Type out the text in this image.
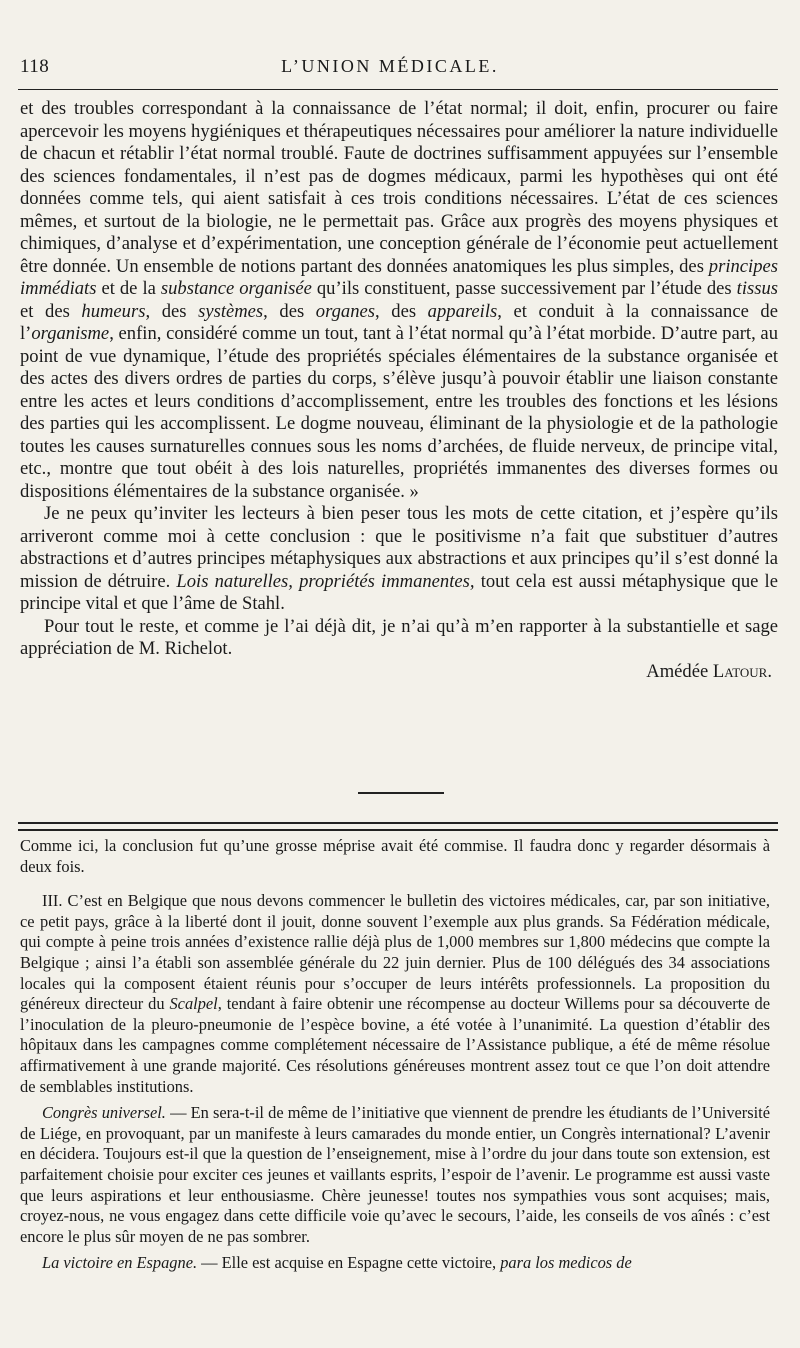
L’UNION MÉDICALE.
118

et des troubles correspondant à la connaissance de l’état normal; il doit, enfin, procurer ou faire apercevoir les moyens hygiéniques et thérapeutiques nécessaires pour améliorer la nature individuelle de chacun et rétablir l’état normal troublé. Faute de doctrines suffisamment appuyées sur l’ensemble des sciences fondamentales, il n’est pas de dogmes médicaux, parmi les hypothèses qui ont été données comme tels, qui aient satisfait à ces trois conditions nécessaires. L’état de ces sciences mêmes, et surtout de la biologie, ne le permettait pas. Grâce aux progrès des moyens physiques et chimiques, d’analyse et d’expérimentation, une conception générale de l’économie peut actuellement être donnée. Un ensemble de notions partant des données anatomiques les plus simples, des principes immédiats et de la substance organisée qu’ils constituent, passe successivement par l’étude des tissus et des humeurs, des systèmes, des organes, des appareils, et conduit à la connaissance de l’organisme, enfin, considéré comme un tout, tant à l’état normal qu’à l’état morbide. D’autre part, au point de vue dynamique, l’étude des propriétés spéciales élémentaires de la substance organisée et des actes des divers ordres de parties du corps, s’élève jusqu’à pouvoir établir une liaison constante entre les actes et leurs conditions d’accomplissement, entre les troubles des fonctions et les lésions des parties qui les accomplissent. Le dogme nouveau, éliminant de la physiologie et de la pathologie toutes les causes surnaturelles connues sous les noms d’archées, de fluide nerveux, de principe vital, etc., montre que tout obéit à des lois naturelles, propriétés immanentes des diverses formes ou dispositions élémentaires de la substance organisée. »

Je ne peux qu’inviter les lecteurs à bien peser tous les mots de cette citation, et j’espère qu’ils arriveront comme moi à cette conclusion : que le positivisme n’a fait que substituer d’autres abstractions et d’autres principes métaphysiques aux abstractions et aux principes qu’il s’est donné la mission de détruire. Lois naturelles, propriétés immanentes, tout cela est aussi métaphysique que le principe vital et que l’âme de Stahl.

Pour tout le reste, et comme je l’ai déjà dit, je n’ai qu’à m’en rapporter à la substantielle et sage appréciation de M. Richelot.

Amédée Latour.

Comme ici, la conclusion fut qu’une grosse méprise avait été commise. Il faudra donc y regarder désormais à deux fois.

III. C’est en Belgique que nous devons commencer le bulletin des victoires médicales, car, par son initiative, ce petit pays, grâce à la liberté dont il jouit, donne souvent l’exemple aux plus grands. Sa Fédération médicale, qui compte à peine trois années d’existence rallie déjà plus de 1,000 membres sur 1,800 médecins que compte la Belgique ; ainsi l’a établi son assemblée générale du 22 juin dernier. Plus de 100 délégués des 34 associations locales qui la composent étaient réunis pour s’occuper de leurs intérêts professionnels. La proposition du généreux directeur du Scalpel, tendant à faire obtenir une récompense au docteur Willems pour sa découverte de l’inoculation de la pleuro-pneumonie de l’espèce bovine, a été votée à l’unanimité. La question d’établir des hôpitaux dans les campagnes comme complétement nécessaire de l’Assistance publique, a été de même résolue affirmativement à une grande majorité. Ces résolutions généreuses montrent assez tout ce que l’on doit attendre de semblables institutions.

Congrès universel. — En sera-t-il de même de l’initiative que viennent de prendre les étudiants de l’Université de Liége, en provoquant, par un manifeste à leurs camarades du monde entier, un Congrès international? L’avenir en décidera. Toujours est-il que la question de l’enseignement, mise à l’ordre du jour dans toute son extension, est parfaitement choisie pour exciter ces jeunes et vaillants esprits, l’espoir de l’avenir. Le programme est aussi vaste que leurs aspirations et leur enthousiasme. Chère jeunesse! toutes nos sympathies vous sont acquises; mais, croyez-nous, ne vous engagez dans cette difficile voie qu’avec le secours, l’aide, les conseils de vos aînés : c’est encore le plus sûr moyen de ne pas sombrer.

La victoire en Espagne. — Elle est acquise en Espagne cette victoire, para los medicos de
